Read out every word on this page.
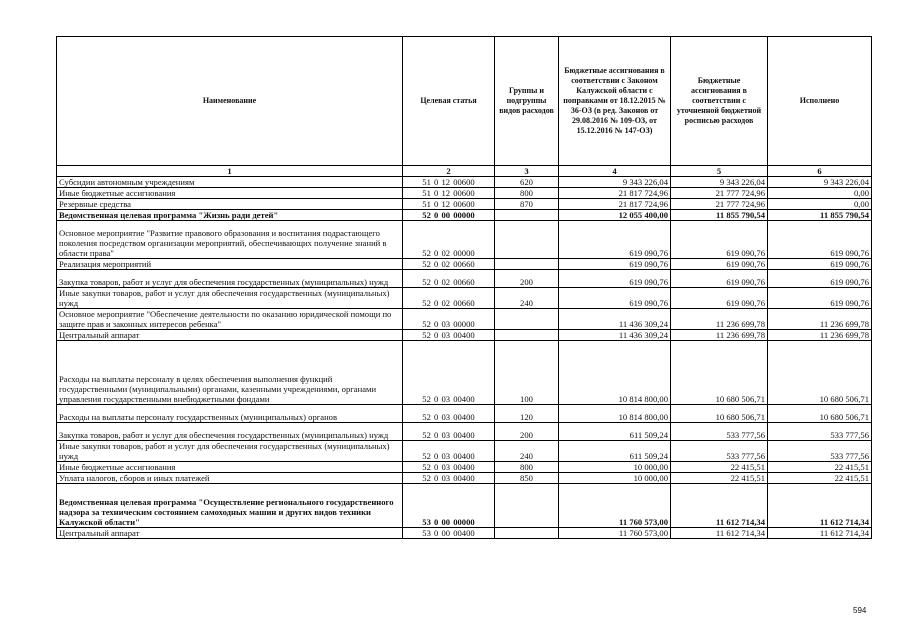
Наименование	Целевая статья	Группы и подгруппы видов расходов	Бюджетные ассигнования в соответствии с Законом Калужской области с поправками от 18.12.2015 № 36-ОЗ (в ред. Законов от 29.08.2016 № 109-ОЗ, от 15.12.2016 № 147-ОЗ)	Бюджетные ассигнования в соответствии с уточненной бюджетной росписью расходов	Исполнено
1	2	3	4	5	6
Субсидии автономным учреждениям	51 0 12 00600	620	9 343 226,04	9 343 226,04	9 343 226,04
Иные бюджетные ассигнования	51 0 12 00600	800	21 817 724,96	21 777 724,96	0,00
Резервные средства	51 0 12 00600	870	21 817 724,96	21 777 724,96	0,00
Ведомственная целевая программа "Жизнь ради детей"	52 0 00 00000		12 055 400,00	11 855 790,54	11 855 790,54
Основное мероприятие "Развитие правового образования и воспитания подрастающего поколения посредством организации мероприятий, обеспечивающих получение знаний в области права"	52 0 02 00000		619 090,76	619 090,76	619 090,76
Реализация мероприятий	52 0 02 00660		619 090,76	619 090,76	619 090,76
Закупка товаров, работ и услуг для обеспечения государственных (муниципальных) нужд	52 0 02 00660	200	619 090,76	619 090,76	619 090,76
Иные закупки товаров, работ и услуг для обеспечения государственных (муниципальных) нужд	52 0 02 00660	240	619 090,76	619 090,76	619 090,76
Основное мероприятие "Обеспечение деятельности по оказанию юридической помощи по защите прав и законных интересов ребенка"	52 0 03 00000		11 436 309,24	11 236 699,78	11 236 699,78
Центральный аппарат	52 0 03 00400		11 436 309,24	11 236 699,78	11 236 699,78
Расходы на выплаты персоналу в целях обеспечения выполнения функций государственными (муниципальными) органами, казенными учреждениями, органами управления государственными внебюджетными фондами	52 0 03 00400	100	10 814 800,00	10 680 506,71	10 680 506,71
Расходы на выплаты персоналу государственных (муниципальных) органов	52 0 03 00400	120	10 814 800,00	10 680 506,71	10 680 506,71
Закупка товаров, работ и услуг для обеспечения государственных (муниципальных) нужд	52 0 03 00400	200	611 509,24	533 777,56	533 777,56
Иные закупки товаров, работ и услуг для обеспечения государственных (муниципальных) нужд	52 0 03 00400	240	611 509,24	533 777,56	533 777,56
Иные бюджетные ассигнования	52 0 03 00400	800	10 000,00	22 415,51	22 415,51
Уплата налогов, сборов и иных платежей	52 0 03 00400	850	10 000,00	22 415,51	22 415,51
Ведомственная целевая программа "Осуществление регионального государственного надзора за техническим состоянием самоходных машин и других видов техники Калужской области"	53 0 00 00000		11 760 573,00	11 612 714,34	11 612 714,34
Центральный аппарат	53 0 00 00400		11 760 573,00	11 612 714,34	11 612 714,34
594
